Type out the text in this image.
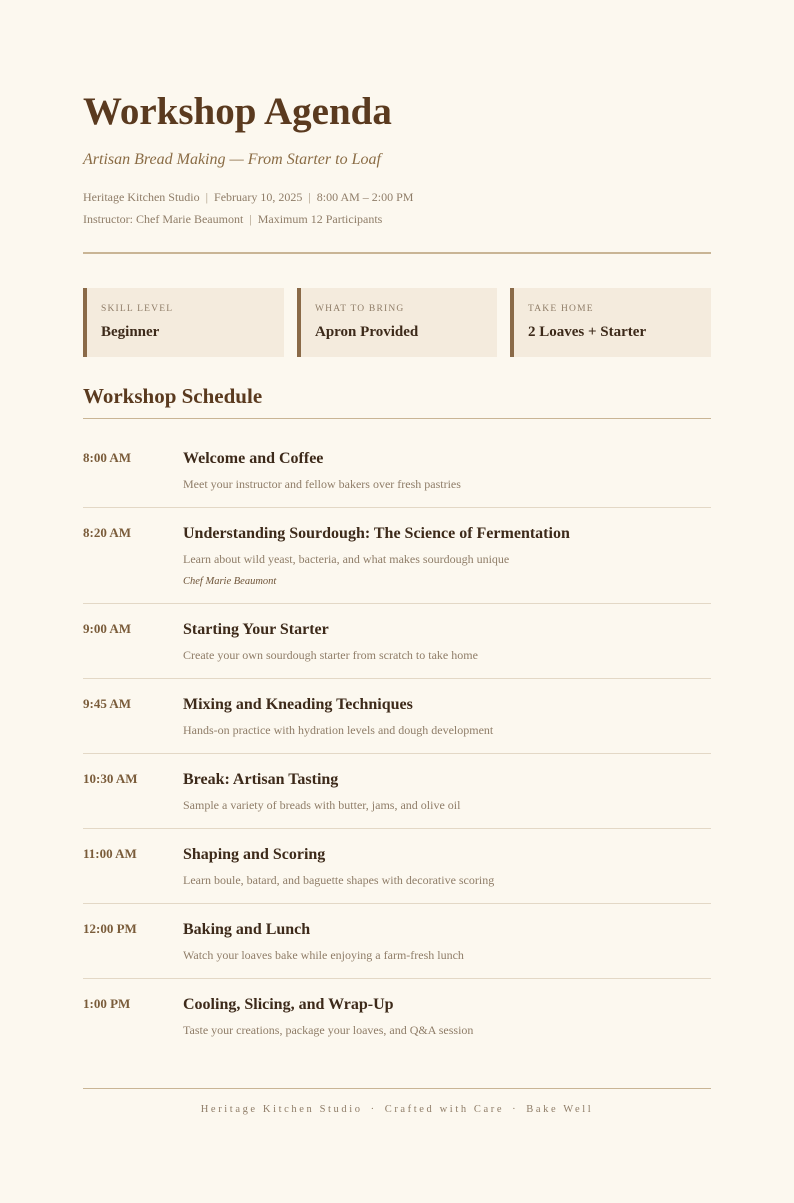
Workshop Agenda
Artisan Bread Making — From Starter to Loaf
Heritage Kitchen Studio | February 10, 2025 | 8:00 AM – 2:00 PM
Instructor: Chef Marie Beaumont | Maximum 12 Participants
SKILL LEVEL
Beginner
WHAT TO BRING
Apron Provided
TAKE HOME
2 Loaves + Starter
Workshop Schedule
8:00 AM	Welcome and Coffee
Meet your instructor and fellow bakers over fresh pastries
8:20 AM	Understanding Sourdough: The Science of Fermentation
Learn about wild yeast, bacteria, and what makes sourdough unique
Chef Marie Beaumont
9:00 AM	Starting Your Starter
Create your own sourdough starter from scratch to take home
9:45 AM	Mixing and Kneading Techniques
Hands-on practice with hydration levels and dough development
10:30 AM	Break: Artisan Tasting
Sample a variety of breads with butter, jams, and olive oil
11:00 AM	Shaping and Scoring
Learn boule, batard, and baguette shapes with decorative scoring
12:00 PM	Baking and Lunch
Watch your loaves bake while enjoying a farm-fresh lunch
1:00 PM	Cooling, Slicing, and Wrap-Up
Taste your creations, package your loaves, and Q&A session
Heritage Kitchen Studio · Crafted with Care · Bake Well
